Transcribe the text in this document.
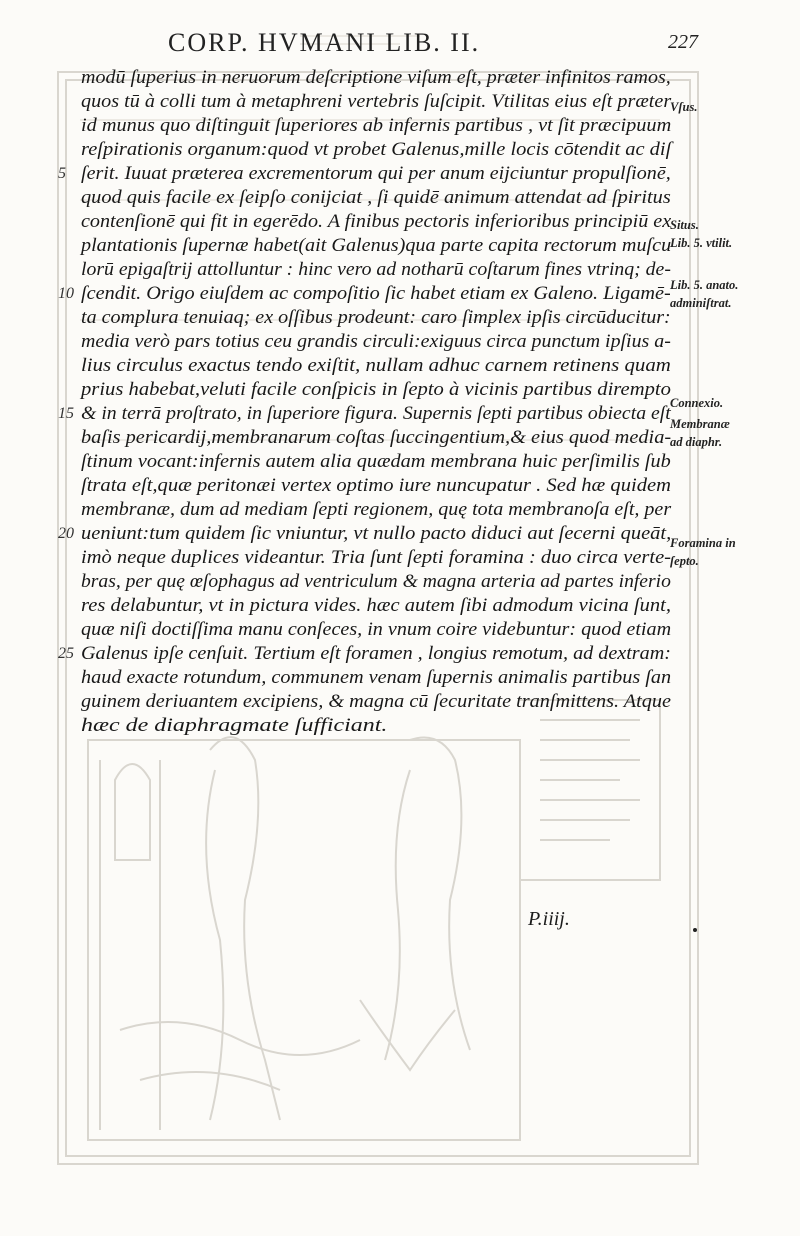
CORP. HVMANI LIB. II.	227
modū ſuperius in neruorum deſcriptione viſum eſt, præter infinitos ramos,
quos tū à colli tum à metaphreni vertebris ſuſcipit. Vtilitas eius eſt præter
id munus quo diſtinguit ſuperiores ab infernis partibus , vt ſit præcipuum
reſpirationis organum:quod vt probet Galenus,mille locis cōtendit ac diſ
ſerit. Iuuat præterea excrementorum qui per anum eijciuntur propulſionē,
quod quis facile ex ſeipſo conijciat , ſi quidē animum attendat ad ſpiritus
contenſionē qui fit in egerēdo. A finibus pectoris inferioribus principiū ex
plantationis ſupernæ habet(ait Galenus)qua parte capita rectorum muſcu
lorū epigaſtrij attolluntur : hinc vero ad notharū coſtarum fines vtrinq; de-
ſcendit. Origo eiuſdem ac compoſitio ſic habet etiam ex Galeno. Ligamē-
ta complura tenuiaq; ex oſſibus prodeunt: caro ſimplex ipſis circūducitur:
media verò pars totius ceu grandis circuli:exiguus circa punctum ipſius a-
lius circulus exactus tendo exiſtit, nullam adhuc carnem retinens quam
prius habebat,veluti facile conſpicis in ſepto à vicinis partibus dirempto
& in terrā proſtrato, in ſuperiore figura. Supernis ſepti partibus obiecta eſt
baſis pericardij,membranarum coſtas ſuccingentium,& eius quod media-
ſtinum vocant:infernis autem alia quædam membrana huic perſimilis ſub
ſtrata eſt,quæ peritonæi vertex optimo iure nuncupatur . Sed hæ quidem
membranæ, dum ad mediam ſepti regionem, quę tota membranoſa eſt, per
ueniunt:tum quidem ſic vniuntur, vt nullo pacto diduci aut ſecerni queāt,
imò neque duplices videantur. Tria ſunt ſepti foramina : duo circa verte-
bras, per quę œſophagus ad ventriculum & magna arteria ad partes inferio
res delabuntur, vt in pictura vides. hæc autem ſibi admodum vicina ſunt,
quæ niſi doctiſſima manu conſeces, in vnum coire videbuntur: quod etiam
Galenus ipſe cenſuit. Tertium eſt foramen , longius remotum, ad dextram:
haud exacte rotundum, communem venam ſupernis animalis partibus ſan
guinem deriuantem excipiens, & magna cū ſecuritate tranſmittens. Atque
hæc de diaphragmate ſufficiant.
5
10
15
20
25
Vſus.
Situs.
Lib. 5. vtilit.
Lib. 5. anato.
adminiſtrat.
Connexio.
Membranæ
ad diaphr.
Foramina in
ſepto.
P.iiij.
